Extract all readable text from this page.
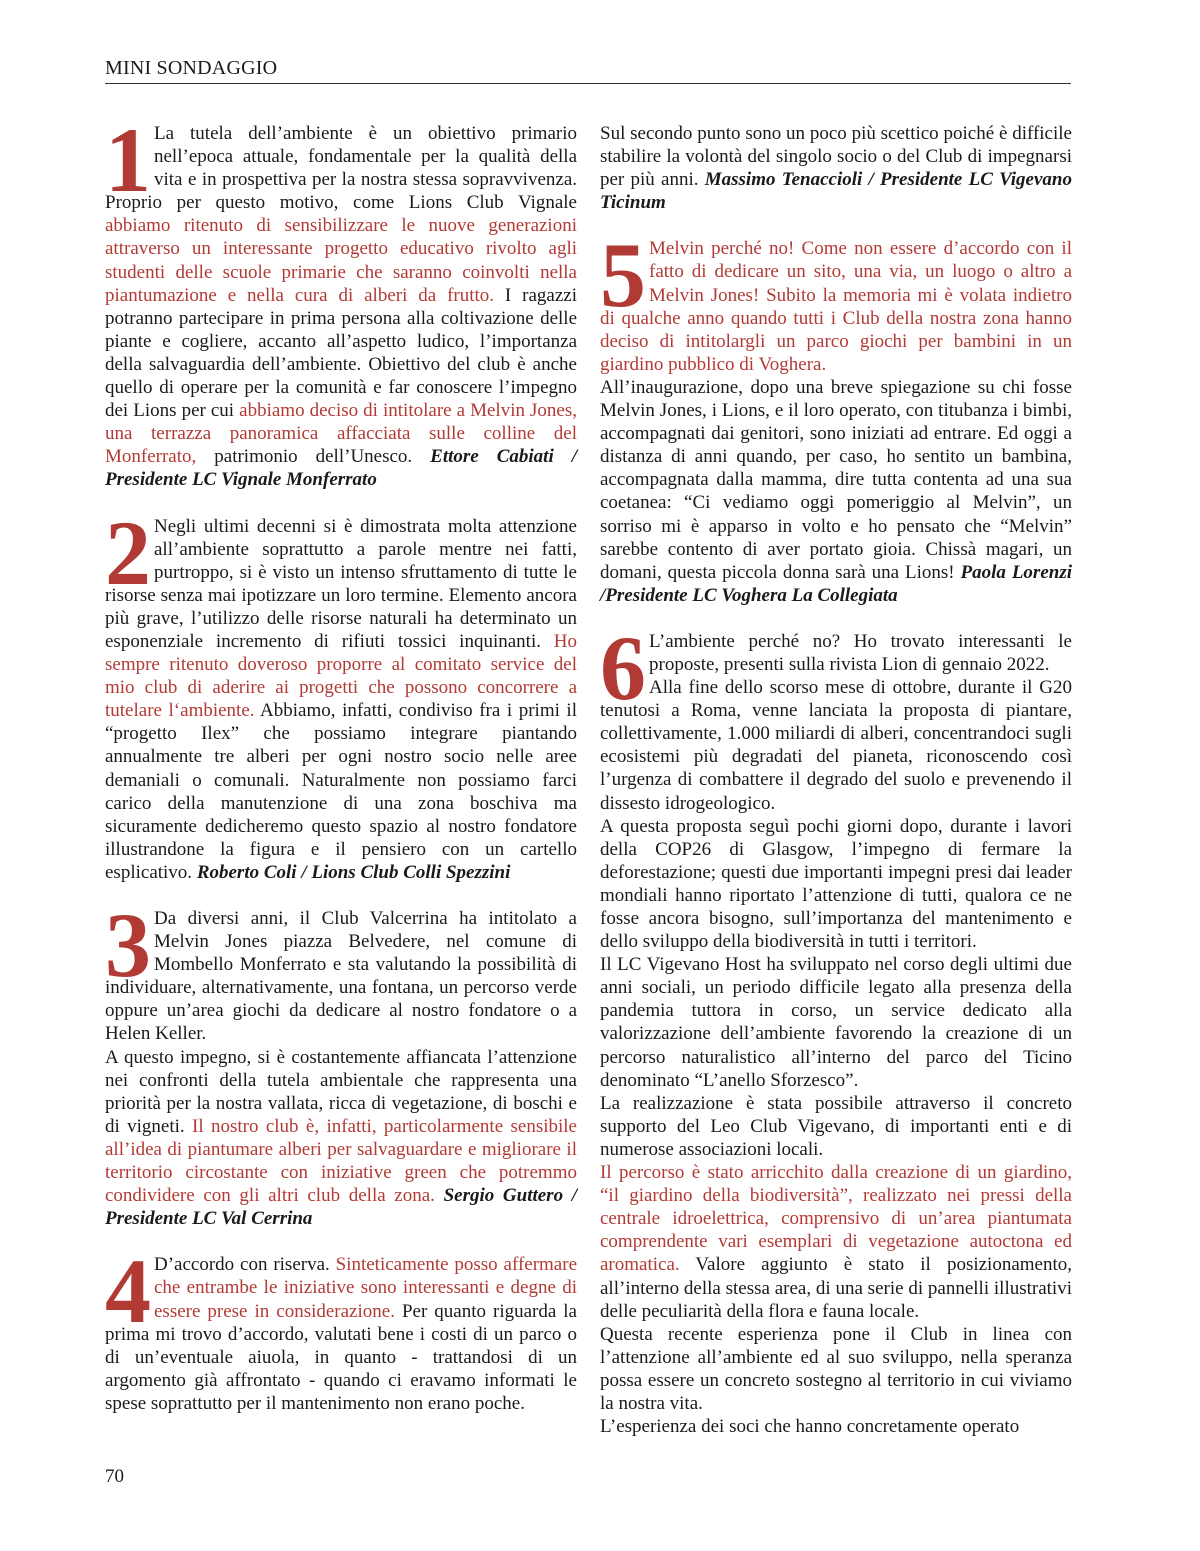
MINI SONDAGGIO

1 La tutela dell’ambiente è un obiettivo primario nell’epoca attuale, fondamentale per la qualità della vita e in prospettiva per la nostra stessa sopravvivenza. Proprio per questo motivo, come Lions Club Vignale abbiamo ritenuto di sensibilizzare le nuove generazioni attraverso un interessante progetto educativo rivolto agli studenti delle scuole primarie che saranno coinvolti nella piantumazione e nella cura di alberi da frutto. I ragazzi potranno partecipare in prima persona alla coltivazione delle piante e cogliere, accanto all’aspetto ludico, l’importanza della salvaguardia dell’ambiente. Obiettivo del club è anche quello di operare per la comunità e far conoscere l’impegno dei Lions per cui abbiamo deciso di intitolare a Melvin Jones, una terrazza panoramica affacciata sulle colline del Monferrato, patrimonio dell’Unesco. Ettore Cabiati / Presidente LC Vignale Monferrato

2 Negli ultimi decenni si è dimostrata molta attenzione all’ambiente soprattutto a parole mentre nei fatti, purtroppo, si è visto un intenso sfruttamento di tutte le risorse senza mai ipotizzare un loro termine. Elemento ancora più grave, l’utilizzo delle risorse naturali ha determinato un esponenziale incremento di rifiuti tossici inquinanti. Ho sempre ritenuto doveroso proporre al comitato service del mio club di aderire ai progetti che possono concorrere a tutelare l‘ambiente. Abbiamo, infatti, condiviso fra i primi il “progetto Ilex” che possiamo integrare piantando annualmente tre alberi per ogni nostro socio nelle aree demaniali o comunali. Naturalmente non possiamo farci carico della manutenzione di una zona boschiva ma sicuramente dedicheremo questo spazio al nostro fondatore illustrandone la figura e il pensiero con un cartello esplicativo. Roberto Coli / Lions Club Colli Spezzini

3 Da diversi anni, il Club Valcerrina ha intitolato a Melvin Jones piazza Belvedere, nel comune di Mombello Monferrato e sta valutando la possibilità di individuare, alternativamente, una fontana, un percorso verde oppure un’area giochi da dedicare al nostro fondatore o a Helen Keller.

A questo impegno, si è costantemente affiancata l’attenzione nei confronti della tutela ambientale che rappresenta una priorità per la nostra vallata, ricca di vegetazione, di boschi e di vigneti. Il nostro club è, infatti, particolarmente sensibile all’idea di piantumare alberi per salvaguardare e migliorare il territorio circostante con iniziative green che potremmo condividere con gli altri club della zona. Sergio Guttero / Presidente LC Val Cerrina

4 D’accordo con riserva. Sinteticamente posso affermare che entrambe le iniziative sono interessanti e degne di essere prese in considerazione. Per quanto riguarda la prima mi trovo d’accordo, valutati bene i costi di un parco o di un’eventuale aiuola, in quanto - trattandosi di un argomento già affrontato - quando ci eravamo informati le spese soprattutto per il mantenimento non erano poche.

Sul secondo punto sono un poco più scettico poiché è difficile stabilire la volontà del singolo socio o del Club di impegnarsi per più anni. Massimo Tenaccioli / Presidente LC Vigevano Ticinum

5 Melvin perché no! Come non essere d’accordo con il fatto di dedicare un sito, una via, un luogo o altro a Melvin Jones! Subito la memoria mi è volata indietro di qualche anno quando tutti i Club della nostra zona hanno deciso di intitolargli un parco giochi per bambini in un giardino pubblico di Voghera.

All’inaugurazione, dopo una breve spiegazione su chi fosse Melvin Jones, i Lions, e il loro operato, con titubanza i bimbi, accompagnati dai genitori, sono iniziati ad entrare. Ed oggi a distanza di anni quando, per caso, ho sentito un bambina, accompagnata dalla mamma, dire tutta contenta ad una sua coetanea: “Ci vediamo oggi pomeriggio al Melvin”, un sorriso mi è apparso in volto e ho pensato che “Melvin” sarebbe contento di aver portato gioia. Chissà magari, un domani, questa piccola donna sarà una Lions! Paola Lorenzi /Presidente LC Voghera La Collegiata

6 L’ambiente perché no? Ho trovato interessanti le proposte, presenti sulla rivista Lion di gennaio 2022.

Alla fine dello scorso mese di ottobre, durante il G20 tenutosi a Roma, venne lanciata la proposta di piantare, collettivamente, 1.000 miliardi di alberi, concentrandoci sugli ecosistemi più degradati del pianeta, riconoscendo così l’urgenza di combattere il degrado del suolo e prevenendo il dissesto idrogeologico.

A questa proposta seguì pochi giorni dopo, durante i lavori della COP26 di Glasgow, l’impegno di fermare la deforestazione; questi due importanti impegni presi dai leader mondiali hanno riportato l’attenzione di tutti, qualora ce ne fosse ancora bisogno, sull’importanza del mantenimento e dello sviluppo della biodiversità in tutti i territori.

Il LC Vigevano Host ha sviluppato nel corso degli ultimi due anni sociali, un periodo difficile legato alla presenza della pandemia tuttora in corso, un service dedicato alla valorizzazione dell’ambiente favorendo la creazione di un percorso naturalistico all’interno del parco del Ticino denominato “L’anello Sforzesco”.

La realizzazione è stata possibile attraverso il concreto supporto del Leo Club Vigevano, di importanti enti e di numerose associazioni locali.

Il percorso è stato arricchito dalla creazione di un giardino, “il giardino della biodiversità”, realizzato nei pressi della centrale idroelettrica, comprensivo di un’area piantumata comprendente vari esemplari di vegetazione autoctona ed aromatica. Valore aggiunto è stato il posizionamento, all’interno della stessa area, di una serie di pannelli illustrativi delle peculiarità della flora e fauna locale.

Questa recente esperienza pone il Club in linea con l’attenzione all’ambiente ed al suo sviluppo, nella speranza possa essere un concreto sostegno al territorio in cui viviamo la nostra vita.

L’esperienza dei soci che hanno concretamente operato

70
